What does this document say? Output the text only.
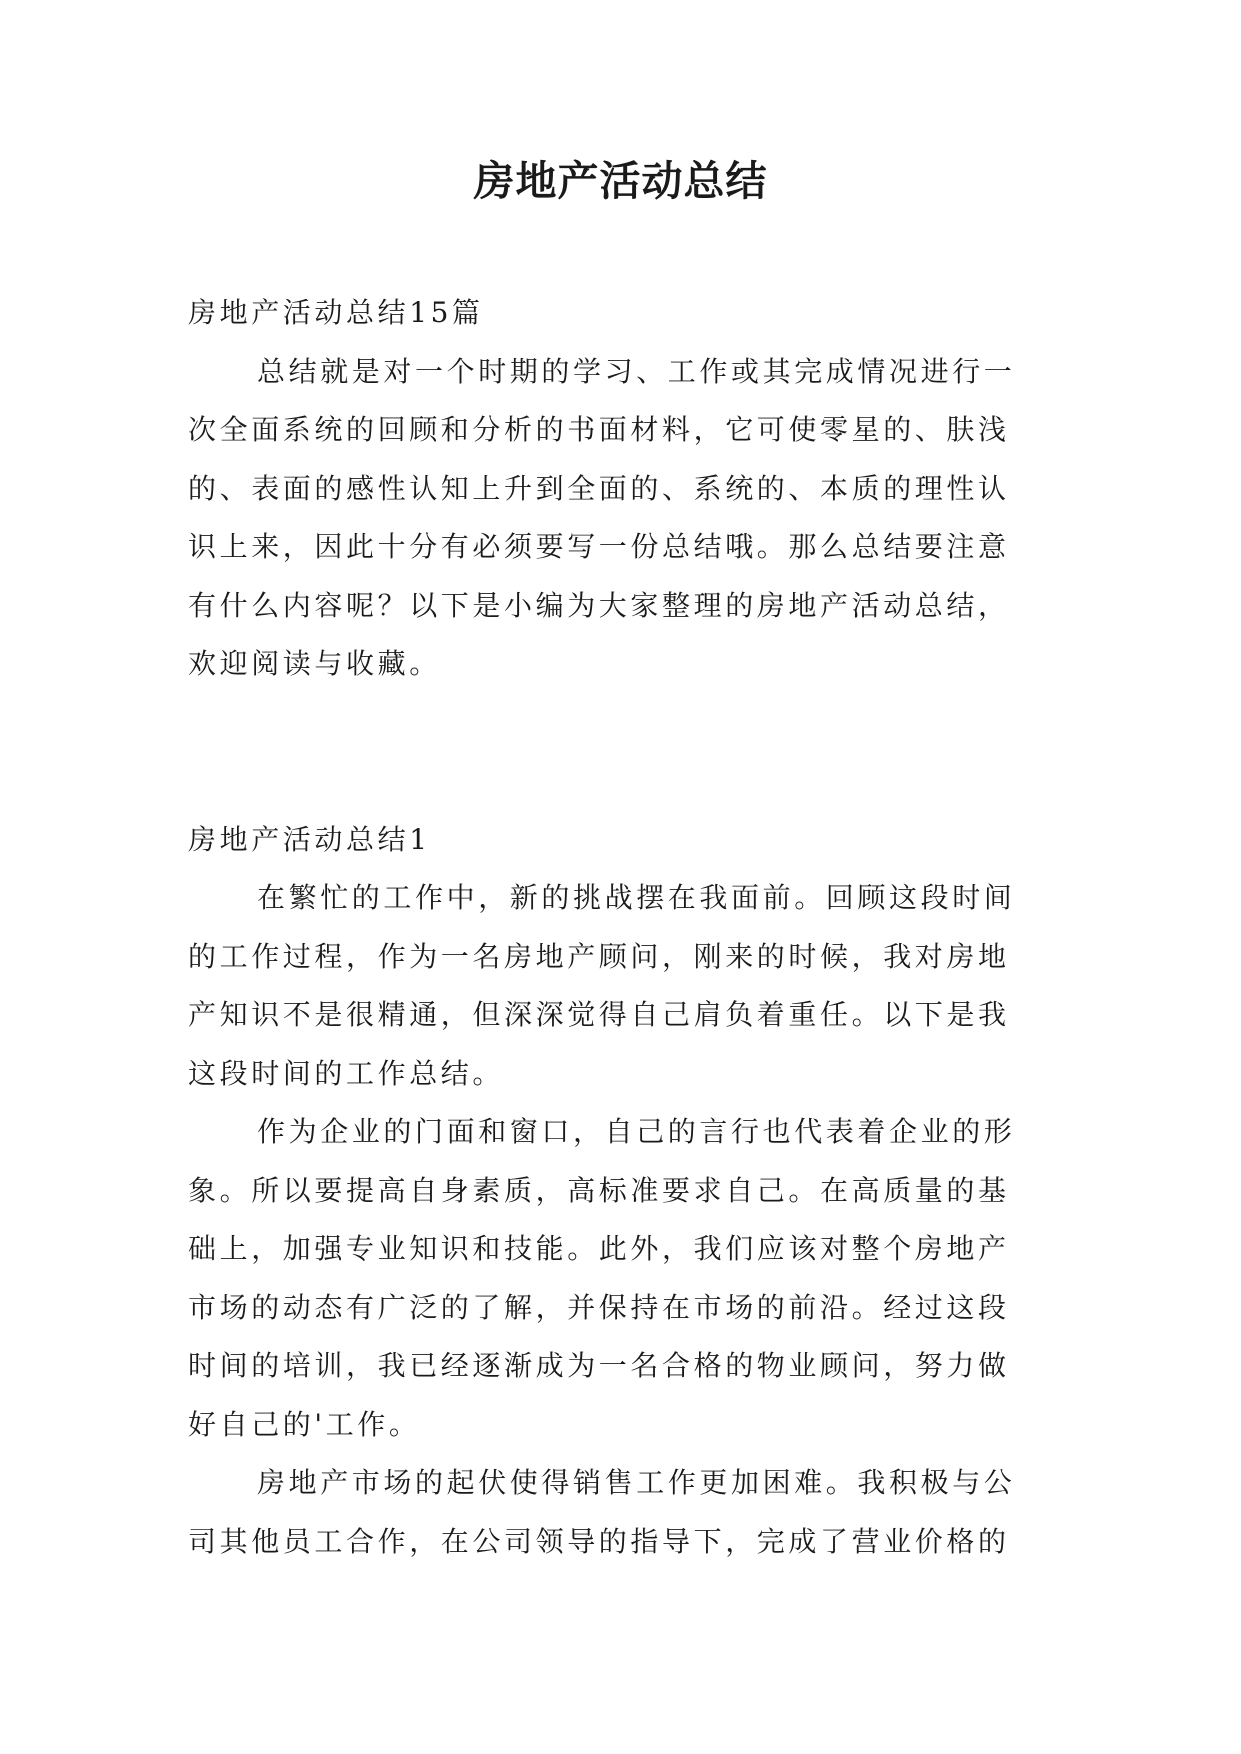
房地产活动总结
房地产活动总结15篇
总结就是对一个时期的学习、工作或其完成情况进行一
次全面系统的回顾和分析的书面材料，它可使零星的、肤浅
的、表面的感性认知上升到全面的、系统的、本质的理性认
识上来，因此十分有必须要写一份总结哦。那么总结要注意
有什么内容呢？以下是小编为大家整理的房地产活动总结，
欢迎阅读与收藏。
房地产活动总结1
在繁忙的工作中，新的挑战摆在我面前。回顾这段时间
的工作过程，作为一名房地产顾问，刚来的时候，我对房地
产知识不是很精通，但深深觉得自己肩负着重任。以下是我
这段时间的工作总结。
作为企业的门面和窗口，自己的言行也代表着企业的形
象。所以要提高自身素质，高标准要求自己。在高质量的基
础上，加强专业知识和技能。此外，我们应该对整个房地产
市场的动态有广泛的了解，并保持在市场的前沿。经过这段
时间的培训，我已经逐渐成为一名合格的物业顾问，努力做
好自己的'工作。
房地产市场的起伏使得销售工作更加困难。我积极与公
司其他员工合作，在公司领导的指导下，完成了营业价格的
